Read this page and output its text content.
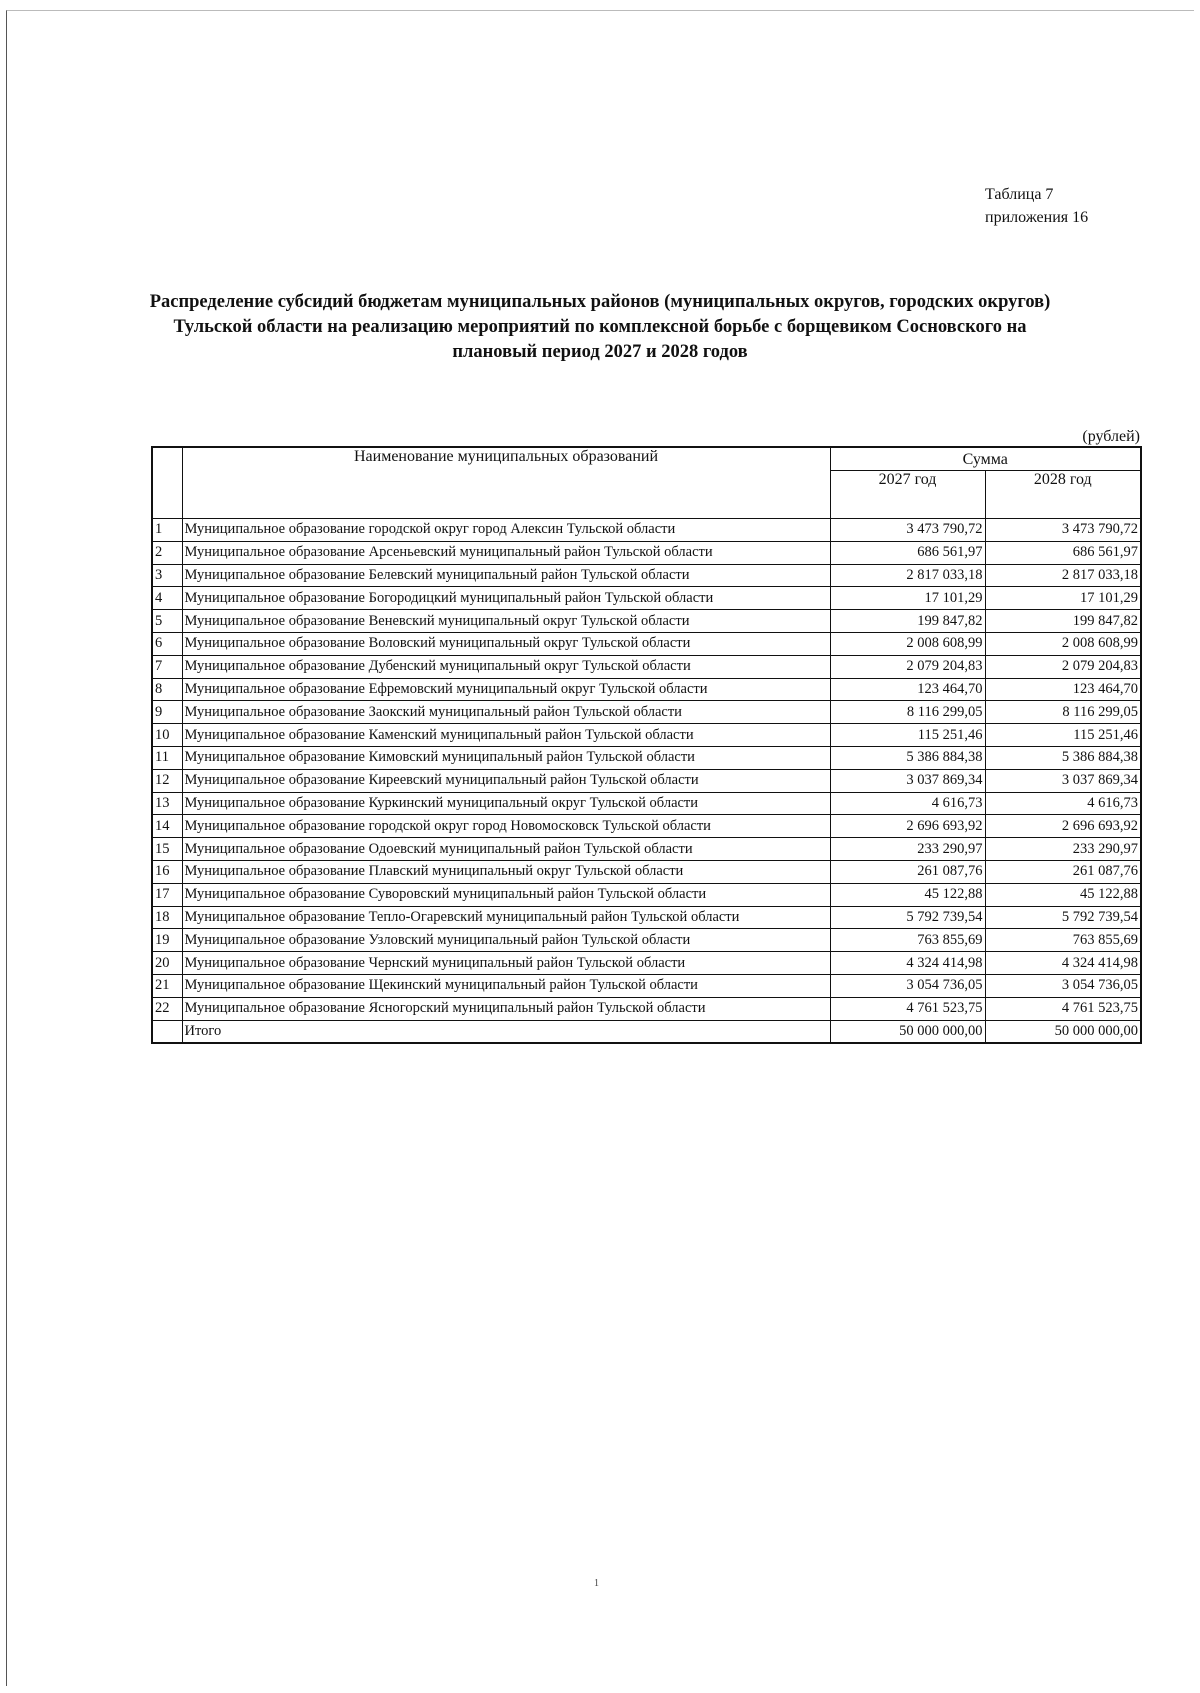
Таблица 7
приложения 16
Распределение субсидий бюджетам муниципальных районов (муниципальных округов, городских округов)
Тульской области на реализацию мероприятий по комплексной борьбе с борщевиком Сосновского на
плановый период 2027 и 2028 годов
(рублей)
	Наименование муниципальных образований	Сумма	
		2027 год	2028 год
1	Муниципальное образование городской округ город Алексин Тульской области	3 473 790,72	3 473 790,72
2	Муниципальное образование Арсеньевский муниципальный район Тульской области	686 561,97	686 561,97
3	Муниципальное образование Белевский муниципальный район Тульской области	2 817 033,18	2 817 033,18
4	Муниципальное образование Богородицкий муниципальный район Тульской области	17 101,29	17 101,29
5	Муниципальное образование Веневский муниципальный округ Тульской области	199 847,82	199 847,82
6	Муниципальное образование Воловский муниципальный округ Тульской области	2 008 608,99	2 008 608,99
7	Муниципальное образование Дубенский муниципальный округ Тульской области	2 079 204,83	2 079 204,83
8	Муниципальное образование Ефремовский муниципальный округ Тульской области	123 464,70	123 464,70
9	Муниципальное образование Заокский муниципальный район Тульской области	8 116 299,05	8 116 299,05
10	Муниципальное образование Каменский муниципальный район Тульской области	115 251,46	115 251,46
11	Муниципальное образование Кимовский муниципальный район Тульской области	5 386 884,38	5 386 884,38
12	Муниципальное образование Киреевский муниципальный район Тульской области	3 037 869,34	3 037 869,34
13	Муниципальное образование Куркинский муниципальный округ Тульской области	4 616,73	4 616,73
14	Муниципальное образование городской округ город Новомосковск Тульской области	2 696 693,92	2 696 693,92
15	Муниципальное образование Одоевский муниципальный район Тульской области	233 290,97	233 290,97
16	Муниципальное образование Плавский муниципальный округ Тульской области	261 087,76	261 087,76
17	Муниципальное образование Суворовский муниципальный район Тульской области	45 122,88	45 122,88
18	Муниципальное образование Тепло-Огаревский муниципальный район Тульской области	5 792 739,54	5 792 739,54
19	Муниципальное образование Узловский муниципальный район Тульской области	763 855,69	763 855,69
20	Муниципальное образование Чернский муниципальный район Тульской области	4 324 414,98	4 324 414,98
21	Муниципальное образование Щекинский муниципальный район Тульской области	3 054 736,05	3 054 736,05
22	Муниципальное образование Ясногорский муниципальный район Тульской области	4 761 523,75	4 761 523,75
	Итого	50 000 000,00	50 000 000,00
1
